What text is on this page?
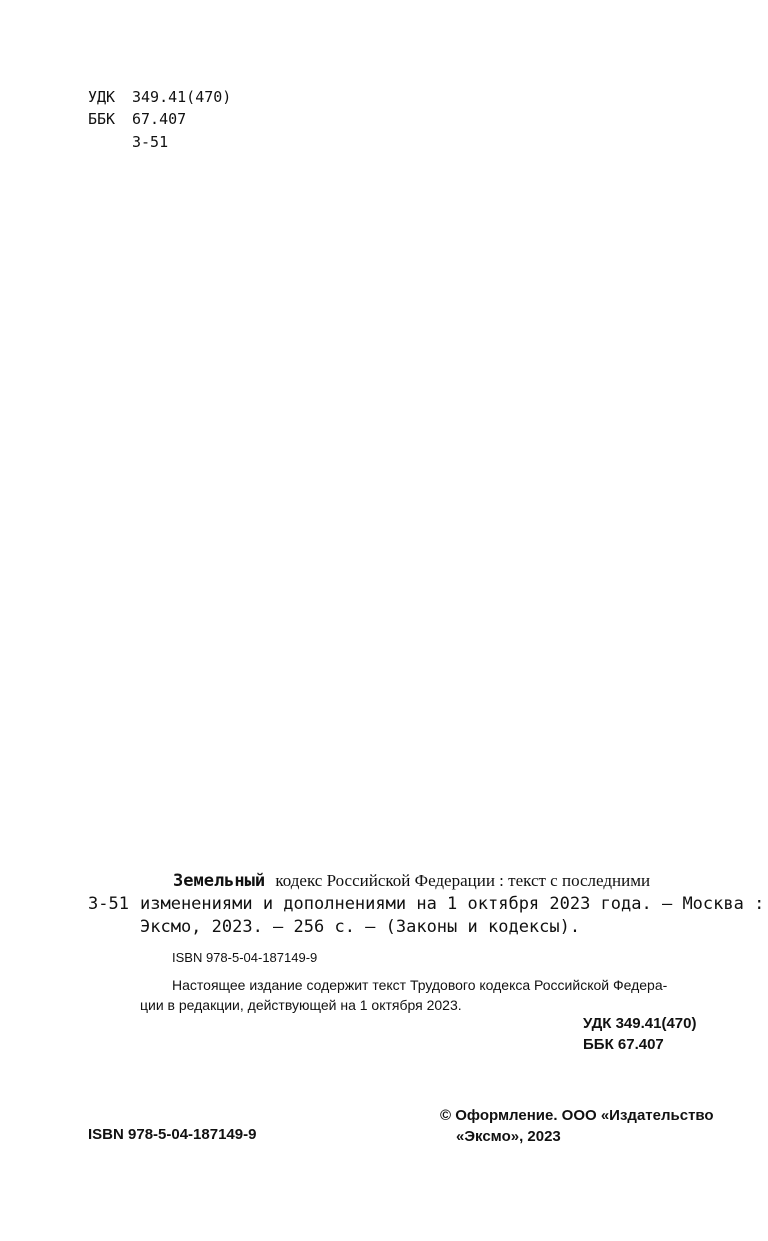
УДК 349.41(470)
ББК 67.407
З-51
Земельный кодекс Российской Федерации : текст с последними
З-51 изменениями и дополнениями на 1 октября 2023 года. — Москва :
Эксмо, 2023. — 256 с. — (Законы и кодексы).
ISBN 978-5-04-187149-9
Настоящее издание содержит текст Трудового кодекса Российской Федера-
ции в редакции, действующей на 1 октября 2023.
УДК 349.41(470)
ББК 67.407
ISBN 978-5-04-187149-9
© Оформление. ООО «Издательство
«Эксмо», 2023
